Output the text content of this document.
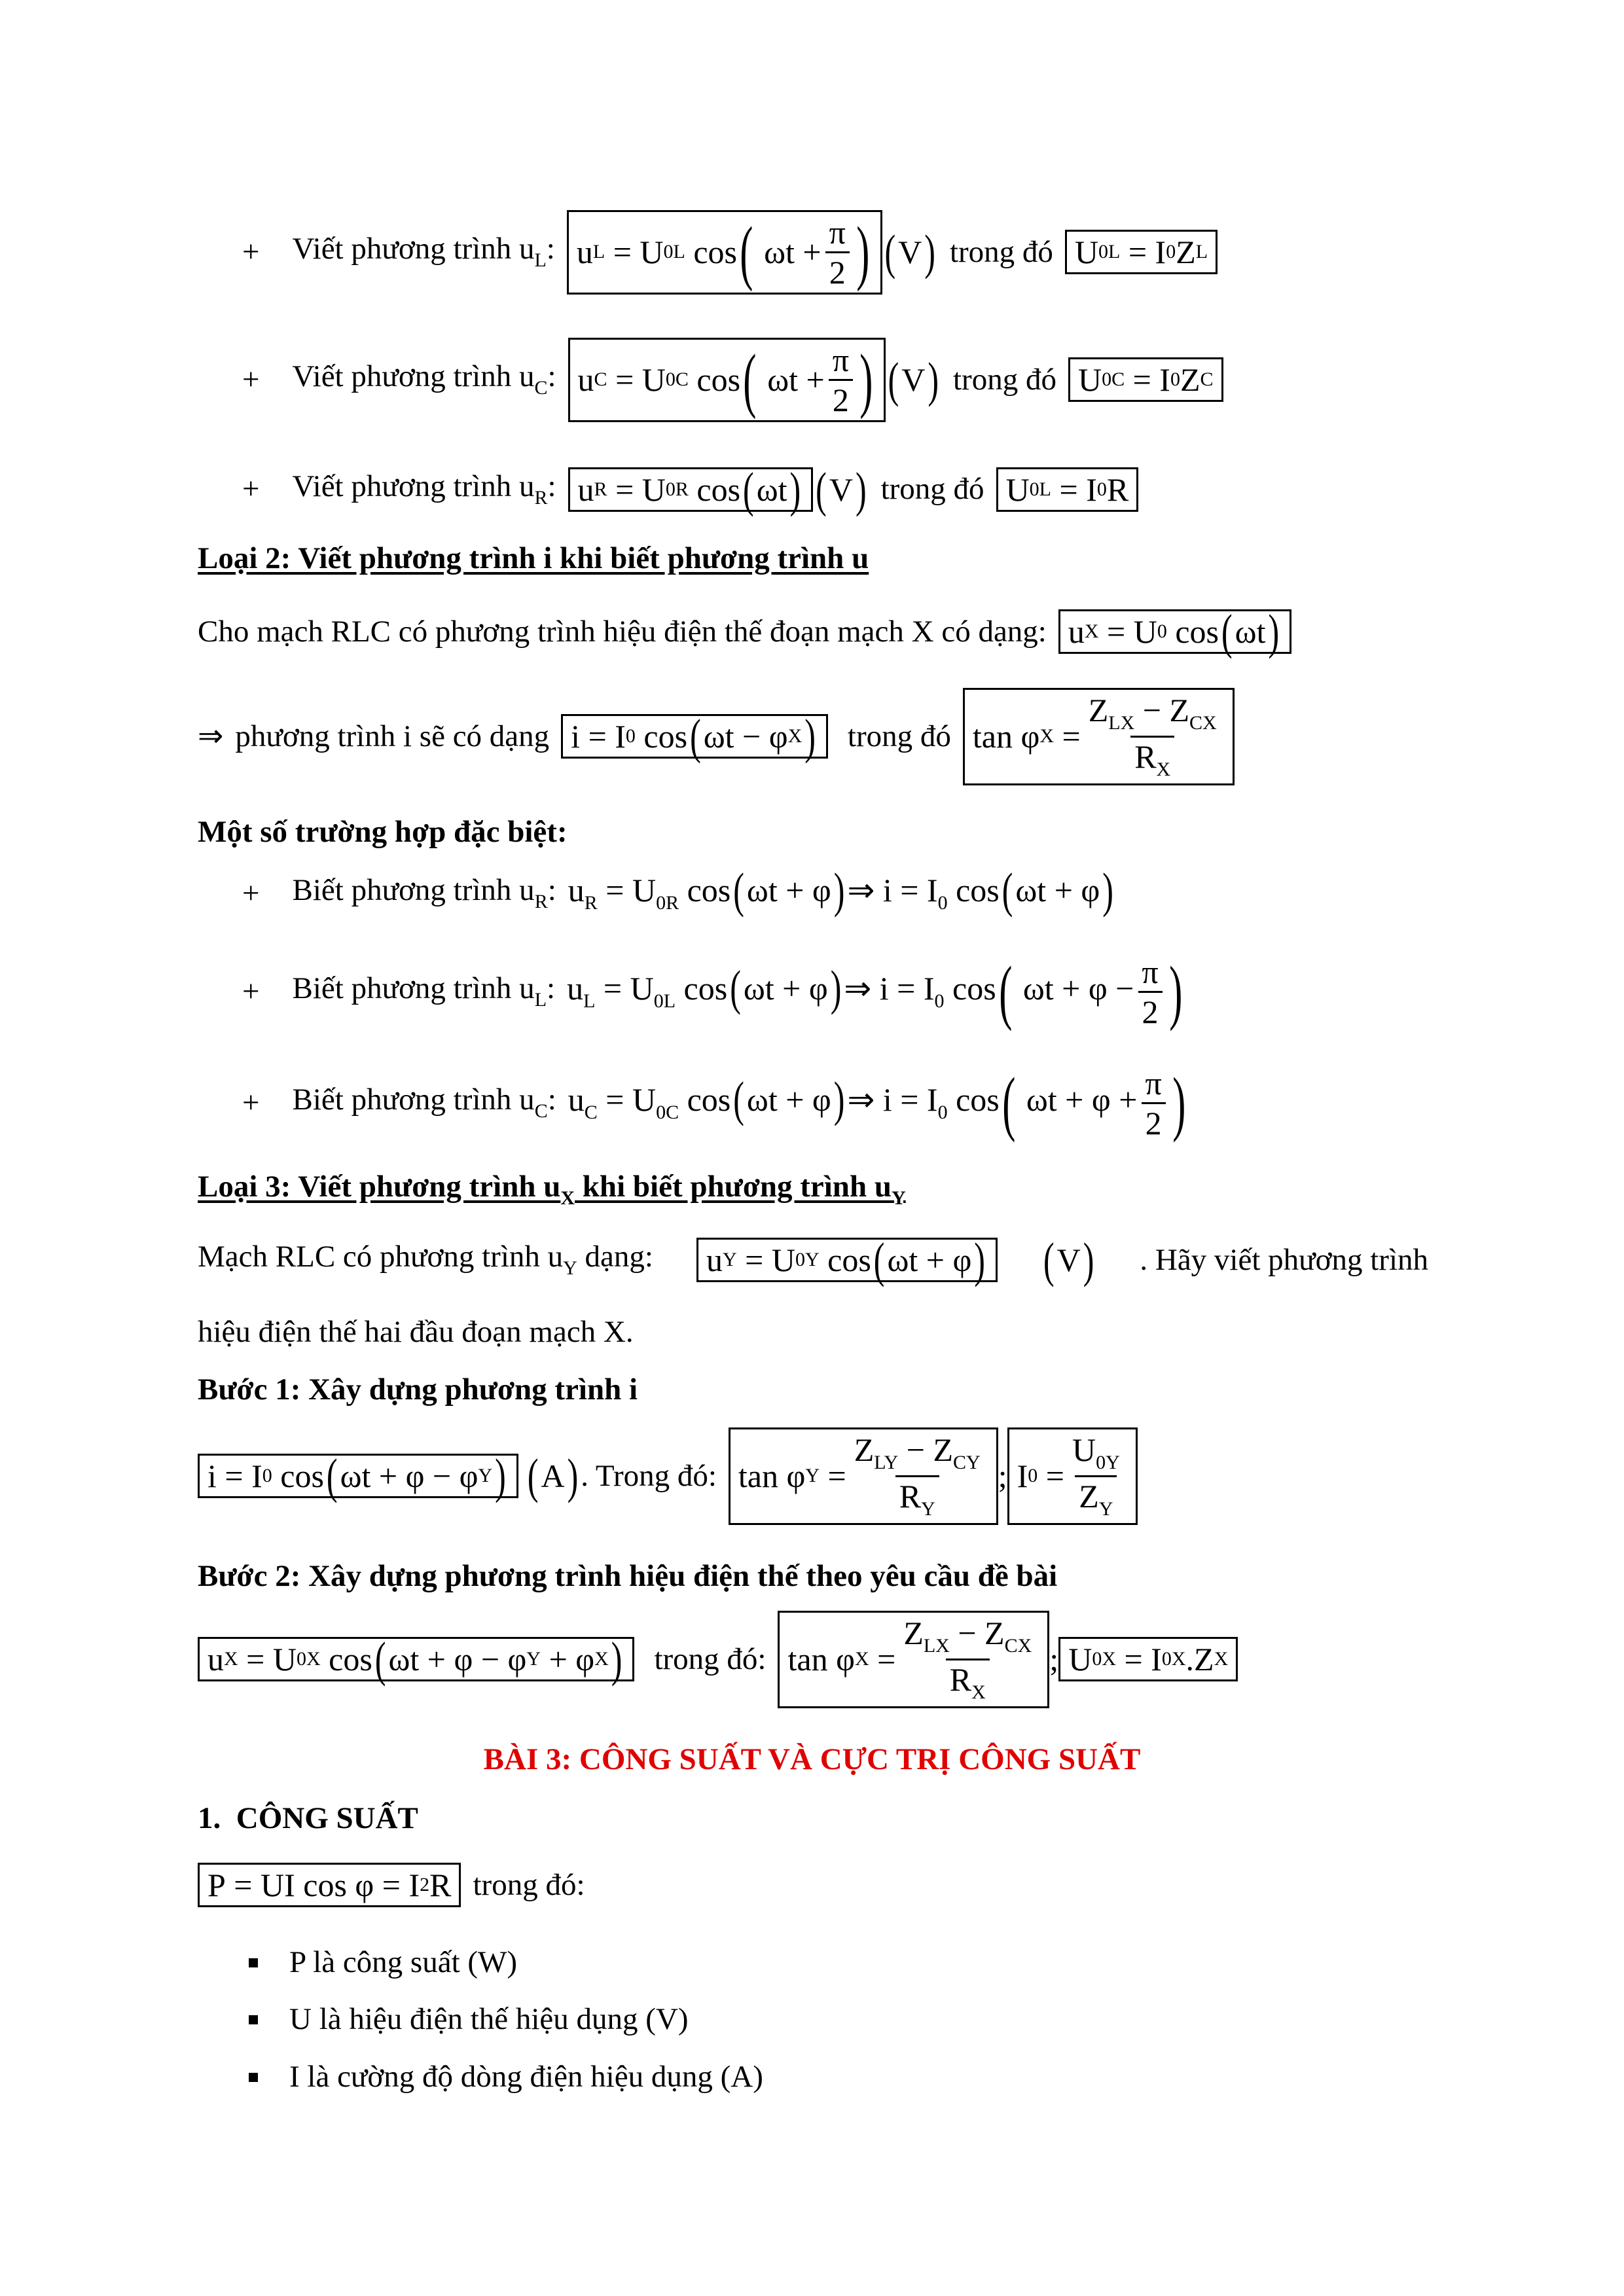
+ Viết phương trình $u_L$: u L = U 0L cos ( $\omega t + \frac{\pi}{2}$ ) ( V ) trong đó U 0L = I 0 Z L
+ Viết phương trình $u_C$: u C = U 0C cos ( $\omega t + \frac{\pi}{2}$ ) ( V ) trong đó U 0C = I 0 Z C
+ Viết phương trình $u_R$: u R = U 0R cos ( ωt ) ( V ) trong đó U 0L = I 0 R
Loại 2: Viết phương trình i khi biết phương trình u
Cho mạch RLC có phương trình hiệu điện thế đoạn mạch X có dạng: u X = U 0 cos ( ωt )
⇒ phương trình i sẽ có dạng i = I 0 cos ( ωt − φ X ) trong đó tan φ $X = \frac{Z_{LX} - Z_{CX}}{R_X}$
Một số trường hợp đặc biệt:
+ Biết phương trình $u_R$: $u_R = U_{0R}$ cos(ωt + φ)⇒ $i = I_0$ cos(ωt + φ)
+ Biết phương trình $u_L$: $u_L = U_{0L}$ cos(ωt + φ)⇒ $i = I_0$ cos( $\omega t + \varphi - \frac{\pi}{2}$ )
+ Biết phương trình $u_C$: $u_C = U_{0C}$ cos(ωt + φ)⇒ $i = I_0$ cos( $\omega t + \varphi + \frac{\pi}{2}$ )
Loại 3: Viết phương trình $u_X$ khi biết phương trình $u_Y$
Mạch RLC có phương trình $u_Y$ dạng:	u Y = U 0Y cos ( ωt + φ ) (V) . Hãy viết phương trình
hiệu điện thế hai đầu đoạn mạch X.
Bước 1: Xây dựng phương trình i
i = I 0 cos ( ωt + φ − φ Y ) (A) . Trong đó: tan φ $Y = \frac{Z_{LY} - Z_{CY}}{R_Y}$ ; I $0 = \frac{U_{0Y}}{Z_Y}$
Bước 2: Xây dựng phương trình hiệu điện thế theo yêu cầu đề bài
u X = U 0X cos ( ωt + φ − φ Y + φ X ) trong đó: tan φ $X = \frac{Z_{LX} - Z_{CX}}{R_X}$ ; U 0X = I 0X .Z X
BÀI 3: CÔNG SUẤT VÀ CỰC TRỊ CÔNG SUẤT
1.  CÔNG SUẤT
P = UI cos φ = I 2 R trong đó:
P là công suất (W)
U là hiệu điện thế hiệu dụng (V)
I là cường độ dòng điện hiệu dụng (A)
